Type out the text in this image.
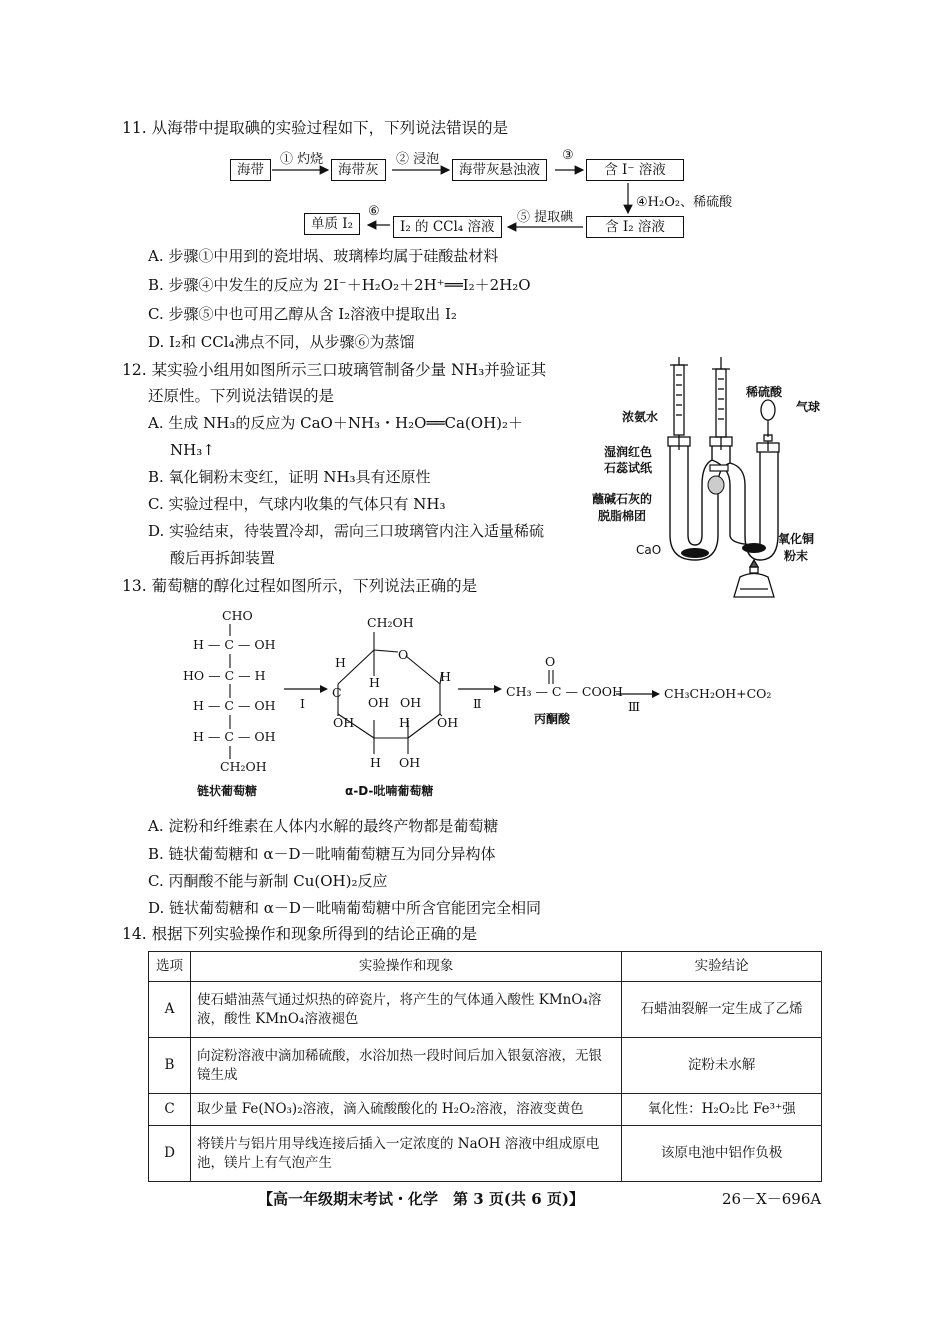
11. 从海带中提取碘的实验过程如下，下列说法错误的是
海带	海带灰	海带灰悬浊液	含 I⁻ 溶液
含 I₂ 溶液
I₂ 的 CCl₄ 溶液
单质 I₂
① 灼烧	② 浸泡	③
④H₂O₂、稀硫酸
⑤ 提取碘
⑥
A. 步骤①中用到的瓷坩埚、玻璃棒均属于硅酸盐材料
B. 步骤④中发生的反应为 2I⁻＋H₂O₂＋2H⁺══I₂＋2H₂O
C. 步骤⑤中也可用乙醇从含 I₂溶液中提取出 I₂
D. I₂和 CCl₄沸点不同，从步骤⑥为蒸馏
12. 某实验小组用如图所示三口玻璃管制备少量 NH₃并验证其
还原性。下列说法错误的是
A. 生成 NH₃的反应为 CaO＋NH₃・H₂O══Ca(OH)₂＋
NH₃↑
B. 氧化铜粉末变红，证明 NH₃具有还原性
C. 实验过程中，气球内收集的气体只有 NH₃
D. 实验结束，待装置冷却，需向三口玻璃管内注入适量稀硫
酸后再拆卸装置
浓氨水
稀硫酸
气球
湿润红色
石蕊试纸
蘸碱石灰的
脱脂棉团
CaO
氧化铜
粉末
13. 葡萄糖的醇化过程如图所示，下列说法正确的是
CHO
H — C — OH
HO — C — H
H — C — OH
H — C — OH
CH₂OH
链状葡萄糖
Ⅰ
CH₂OH
O
H
H	H
C
OH
OH OH
OH
H
H OH
α-D-吡喃葡萄糖
Ⅱ
O
CH₃ — C — COOH
丙酮酸
Ⅲ
CH₃CH₂OH+CO₂
A. 淀粉和纤维素在人体内水解的最终产物都是葡萄糖
B. 链状葡萄糖和 α－D－吡喃葡萄糖互为同分异构体
C. 丙酮酸不能与新制 Cu(OH)₂反应
D. 链状葡萄糖和 α－D－吡喃葡萄糖中所含官能团完全相同
14. 根据下列实验操作和现象所得到的结论正确的是
选项	实验操作和现象	实验结论
A	使石蜡油蒸气通过炽热的碎瓷片，将产生的气体通入酸性 KMnO₄溶液，酸性 KMnO₄溶液褪色	石蜡油裂解一定生成了乙烯
B	向淀粉溶液中滴加稀硫酸，水浴加热一段时间后加入银氨溶液，无银镜生成	淀粉未水解
C	取少量 Fe(NO₃)₂溶液，滴入硫酸酸化的 H₂O₂溶液，溶液变黄色	氧化性：H₂O₂比 Fe³⁺强
D	将镁片与铝片用导线连接后插入一定浓度的 NaOH 溶液中组成原电池，镁片上有气泡产生	该原电池中铝作负极
【高一年级期末考试・化学　第 3 页(共 6 页)】	26－X－696A
